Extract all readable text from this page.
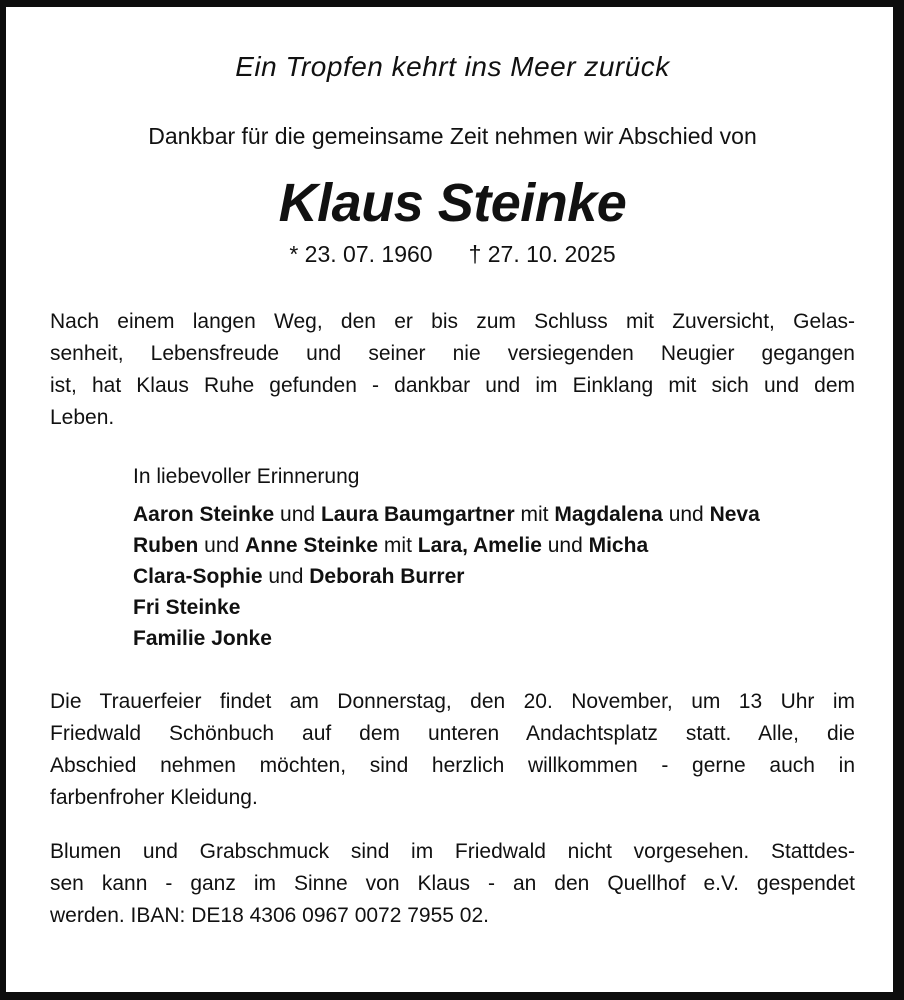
Ein Tropfen kehrt ins Meer zurück
Dankbar für die gemeinsame Zeit nehmen wir Abschied von
Klaus Steinke
* 23. 07. 1960 † 27. 10. 2025
Nach einem langen Weg, den er bis zum Schluss mit Zuversicht, Gelas-
senheit, Lebensfreude und seiner nie versiegenden Neugier gegangen
ist, hat Klaus Ruhe gefunden - dankbar und im Einklang mit sich und dem
Leben.
In liebevoller Erinnerung
Aaron Steinke und Laura Baumgartner mit Magdalena und Neva
Ruben und Anne Steinke mit Lara, Amelie und Micha
Clara-Sophie und Deborah Burrer
Fri Steinke
Familie Jonke
Die Trauerfeier findet am Donnerstag, den 20. November, um 13 Uhr im
Friedwald Schönbuch auf dem unteren Andachtsplatz statt. Alle, die
Abschied nehmen möchten, sind herzlich willkommen - gerne auch in
farbenfroher Kleidung.
Blumen und Grabschmuck sind im Friedwald nicht vorgesehen. Stattdes-
sen kann - ganz im Sinne von Klaus - an den Quellhof e.V. gespendet
werden. IBAN: DE18 4306 0967 0072 7955 02.
